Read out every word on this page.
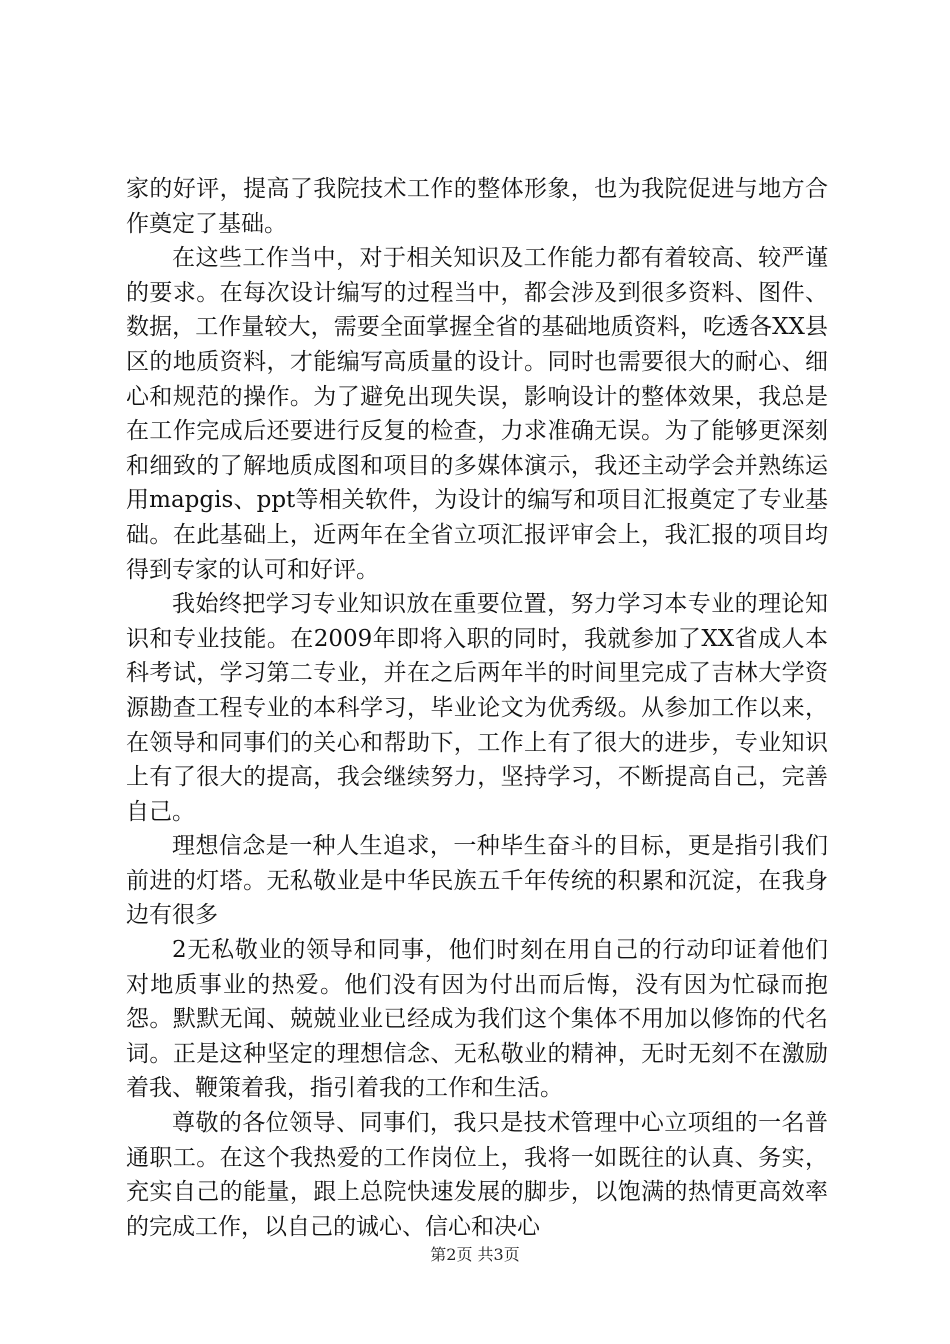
家的好评，提高了我院技术工作的整体形象，也为我院促进与地方合作奠定了基础。

在这些工作当中，对于相关知识及工作能力都有着较高、较严谨的要求。在每次设计编写的过程当中，都会涉及到很多资料、图件、数据，工作量较大，需要全面掌握全省的基础地质资料，吃透各XX县区的地质资料，才能编写高质量的设计。同时也需要很大的耐心、细心和规范的操作。为了避免出现失误，影响设计的整体效果，我总是在工作完成后还要进行反复的检查，力求准确无误。为了能够更深刻和细致的了解地质成图和项目的多媒体演示，我还主动学会并熟练运用mapgis、ppt等相关软件，为设计的编写和项目汇报奠定了专业基础。在此基础上，近两年在全省立项汇报评审会上，我汇报的项目均得到专家的认可和好评。

我始终把学习专业知识放在重要位置，努力学习本专业的理论知识和专业技能。在2009年即将入职的同时，我就参加了XX省成人本科考试，学习第二专业，并在之后两年半的时间里完成了吉林大学资源勘查工程专业的本科学习，毕业论文为优秀级。从参加工作以来，在领导和同事们的关心和帮助下，工作上有了很大的进步，专业知识上有了很大的提高，我会继续努力，坚持学习，不断提高自己，完善自己。

理想信念是一种人生追求，一种毕生奋斗的目标，更是指引我们前进的灯塔。无私敬业是中华民族五千年传统的积累和沉淀，在我身边有很多

2无私敬业的领导和同事，他们时刻在用自己的行动印证着他们对地质事业的热爱。他们没有因为付出而后悔，没有因为忙碌而抱怨。默默无闻、兢兢业业已经成为我们这个集体不用加以修饰的代名词。正是这种坚定的理想信念、无私敬业的精神，无时无刻不在激励着我、鞭策着我，指引着我的工作和生活。

尊敬的各位领导、同事们，我只是技术管理中心立项组的一名普通职工。在这个我热爱的工作岗位上，我将一如既往的认真、务实，充实自己的能量，跟上总院快速发展的脚步，以饱满的热情更高效率的完成工作，以自己的诚心、信心和决心

第2页 共3页
